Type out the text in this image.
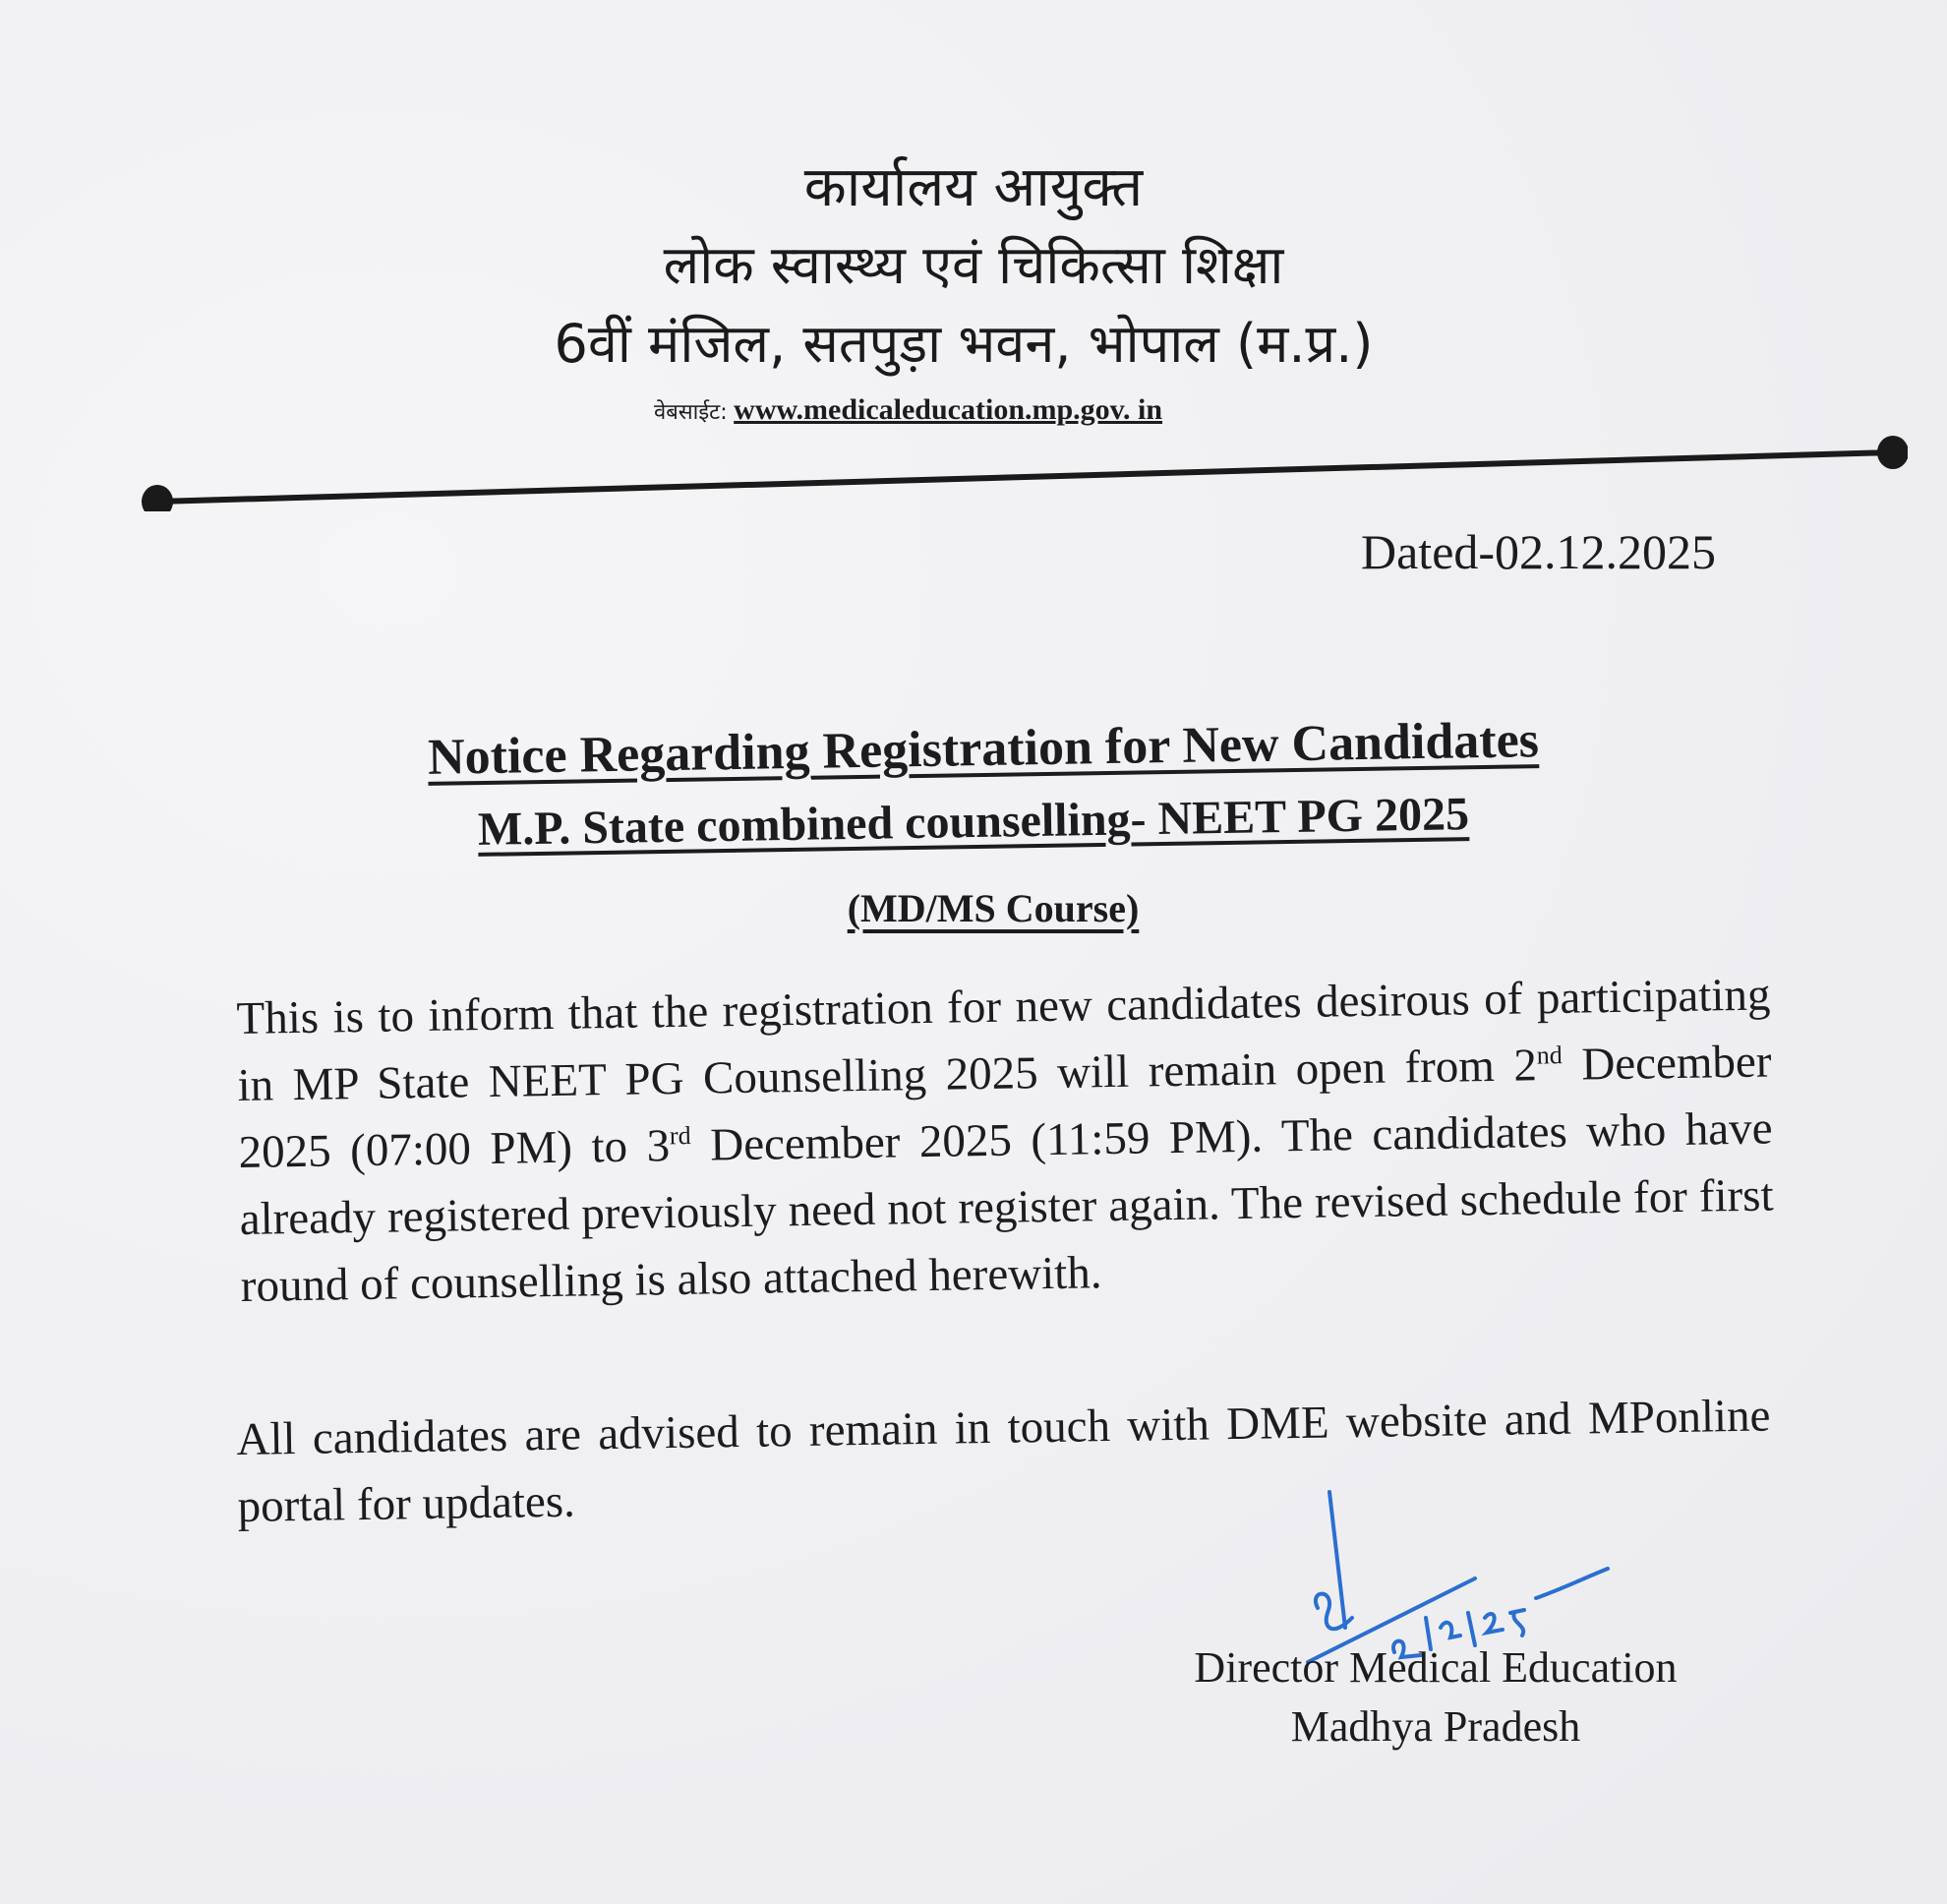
कार्यालय आयुक्त
लोक स्वास्थ्य एवं चिकित्सा शिक्षा
6वीं मंजिल, सतपुड़ा भवन, भोपाल (म.प्र.)
वेबसाईट: www.medicaleducation.mp.gov. in
Dated-02.12.2025
Notice Regarding Registration for New Candidates
M.P. State combined counselling- NEET PG 2025
(MD/MS Course)
This is to inform that the registration for new candidates desirous of participating in MP State NEET PG Counselling 2025 will remain open from 2nd December 2025 (07:00 PM) to 3rd December 2025 (11:59 PM). The candidates who have already registered previously need not register again. The revised schedule for first round of counselling is also attached herewith.
All candidates are advised to remain in touch with DME website and MPonline portal for updates.
Director Medical Education
Madhya Pradesh
